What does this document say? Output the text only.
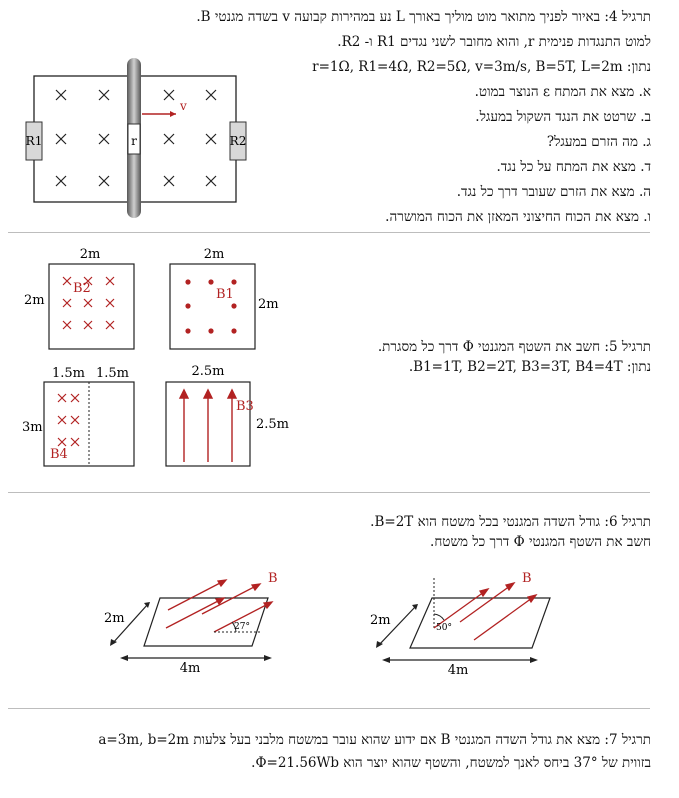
תרגיל 4: באיור לפניך מתואר מוט מוליך באורך L נע במהירות קבועה v בשדה מגנטי B.
למוט התנגדות פנימית r, והוא מחובר לשני נגדים R1 ו- R2.
נתון: r=1Ω, R1=4Ω, R2=5Ω, v=3m/s, B=5T, L=2m
א. מצא את המתח ε הנוצר במוט.
ב. שרטט את הנגד השקול במעגל.
ג. מה הזרם במעגל?
ד. מצא את המתח על כל נגד.
ה. מצא את הזרם שעובר דרך כל נגד.
ו. מצא את הכוח החיצוני המאזן את הכוח המושרה.
R1	R2
r
v
תרגיל 5: חשב את השטף המגנטי Φ דרך כל מסגרת.
נתון: B1=1T, B2=2T, B3=3T, B4=4T.
2m
2m
B2
2m
2m
B1
1.5m 1.5m
3m
B4
2.5m
2.5m
B3
תרגיל 6: גודל השדה המגנטי בכל משטח הוא B=2T.
חשב את השטף המגנטי Φ דרך כל משטח.
2m
4m
B
27°	2m
4m
B
50°
תרגיל 7: מצא את גודל השדה המגנטי B אם ידוע שהוא עובר במשטח מלבני בעל צלעות a=3m, b=2m
בזווית של 37° ביחס לאנך למשטח, והשטף שהוא יוצר הוא Φ=21.56Wb.
